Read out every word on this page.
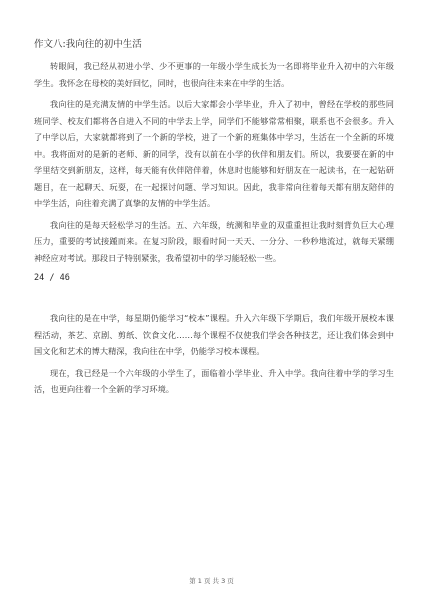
作文八:我向往的初中生活

转眼间，我已经从初进小学、少不更事的一年级小学生成长为一名即将毕业升入初中的六年级学生。我怀念在母校的美好回忆，同时，也很向往未来在中学的生活。

我向往的是充满友情的中学生活。以后大家都会小学毕业，升入了初中，曾经在学校的那些同班同学、校友们都将各自进入不同的中学去上学，同学们不能够常常相聚，联系也不会很多。升入了中学以后，大家就都将到了一个新的学校，进了一个新的班集体中学习，生活在一个全新的环境中。我将面对的是新的老师、新的同学，没有以前在小学的伙伴和朋友们。所以，我要要在新的中学里结交到新朋友，这样，每天能有伙伴陪伴着，休息时也能够和好朋友在一起读书，在一起钻研题目，在一起聊天、玩耍，在一起探讨问题、学习知识。因此，我非常向往着每天都有朋友陪伴的中学生活，向往着充满了真挚的友情的中学生活。

我向往的是每天轻松学习的生活。五、六年级，统测和毕业的双重重担让我时刻背负巨大心理压力，重要的考试接踵而来。在复习阶段，眼看时间一天天、一分分、一秒秒地流过，就每天紧绷神经应对考试。那段日子特别紧张，我希望初中的学习能轻松一些。

24 / 46

我向往的是在中学，每星期仍能学习“校本”课程。升入六年级下学期后，我们年级开展校本课程活动，茶艺、京剧、剪纸、饮食文化……每个课程不仅使我们学会各种技艺，还让我们体会到中国文化和艺术的博大精深，我向往在中学，仍能学习校本课程。

现在，我已经是一个六年级的小学生了，面临着小学毕业、升入中学。我向往着中学的学习生活，也更向往着一个全新的学习环境。

第 1 页 共 3 页
